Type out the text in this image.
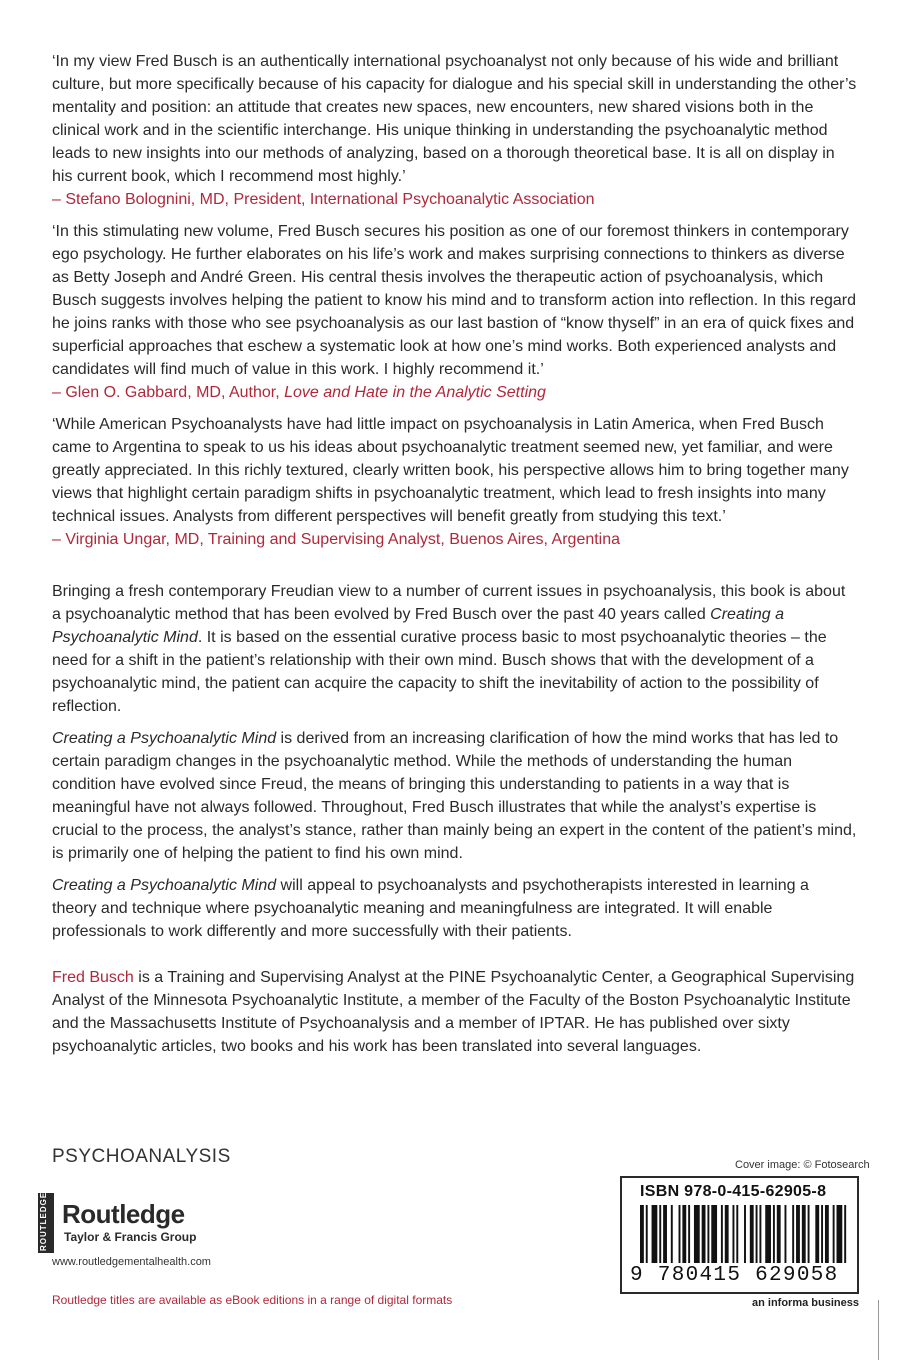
‘In my view Fred Busch is an authentically international psychoanalyst not only because of his wide and brilliant culture, but more specifically because of his capacity for dialogue and his special skill in understanding the other’s mentality and position: an attitude that creates new spaces, new encounters, new shared visions both in the clinical work and in the scientific interchange. His unique thinking in understanding the psychoanalytic method leads to new insights into our methods of analyzing, based on a thorough theoretical base. It is all on display in his current book, which I recommend most highly.’

– Stefano Bolognini, MD, President, International Psychoanalytic Association

‘In this stimulating new volume, Fred Busch secures his position as one of our foremost thinkers in contemporary ego psychology. He further elaborates on his life’s work and makes surprising connections to thinkers as diverse as Betty Joseph and André Green. His central thesis involves the therapeutic action of psychoanalysis, which Busch suggests involves helping the patient to know his mind and to transform action into reflection. In this regard he joins ranks with those who see psychoanalysis as our last bastion of “know thyself” in an era of quick fixes and superficial approaches that eschew a systematic look at how one’s mind works. Both experienced analysts and candidates will find much of value in this work. I highly recommend it.’

– Glen O. Gabbard, MD, Author, Love and Hate in the Analytic Setting

‘While American Psychoanalysts have had little impact on psychoanalysis in Latin America, when Fred Busch came to Argentina to speak to us his ideas about psychoanalytic treatment seemed new, yet familiar, and were greatly appreciated. In this richly textured, clearly written book, his perspective allows him to bring together many views that highlight certain paradigm shifts in psychoanalytic treatment, which lead to fresh insights into many technical issues. Analysts from different perspectives will benefit greatly from studying this text.’

– Virginia Ungar, MD, Training and Supervising Analyst, Buenos Aires, Argentina

Bringing a fresh contemporary Freudian view to a number of current issues in psychoanalysis, this book is about a psychoanalytic method that has been evolved by Fred Busch over the past 40 years called Creating a Psychoanalytic Mind. It is based on the essential curative process basic to most psychoanalytic theories – the need for a shift in the patient’s relationship with their own mind. Busch shows that with the development of a psychoanalytic mind, the patient can acquire the capacity to shift the inevitability of action to the possibility of reflection.

Creating a Psychoanalytic Mind is derived from an increasing clarification of how the mind works that has led to certain paradigm changes in the psychoanalytic method. While the methods of understanding the human condition have evolved since Freud, the means of bringing this understanding to patients in a way that is meaningful have not always followed. Throughout, Fred Busch illustrates that while the analyst’s expertise is crucial to the process, the analyst’s stance, rather than mainly being an expert in the content of the patient’s mind, is primarily one of helping the patient to find his own mind.

Creating a Psychoanalytic Mind will appeal to psychoanalysts and psychotherapists interested in learning a theory and technique where psychoanalytic meaning and meaningfulness are integrated. It will enable professionals to work differently and more successfully with their patients.

Fred Busch is a Training and Supervising Analyst at the PINE Psychoanalytic Center, a Geographical Supervising Analyst of the Minnesota Psychoanalytic Institute, a member of the Faculty of the Boston Psychoanalytic Institute and the Massachusetts Institute of Psychoanalysis and a member of IPTAR. He has published over sixty psychoanalytic articles, two books and his work has been translated into several languages.

PSYCHOANALYSIS
ROUTLEDGE Routledge
Taylor & Francis Group
www.routledgementalhealth.com
Routledge titles are available as eBook editions in a range of digital formats
Cover image: © Fotosearch
ISBN 978-0-415-62905-8
9 780415 629058
an informa business
